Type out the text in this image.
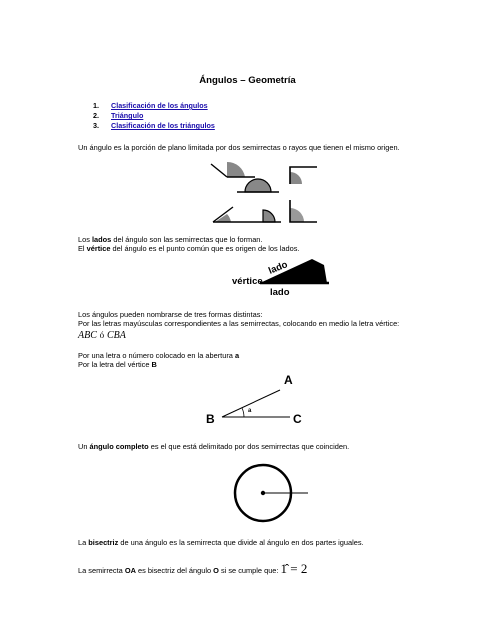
Ángulos – Geometría
1. Clasificación de los ángulos
2. Triángulo
3. Clasificación de los triángulos
Un ángulo es la porción de plano limitada por dos semirrectas o rayos que tienen el mismo origen.
Los lados del ángulo son las semirrectas que lo forman.
El vértice del ángulo es el punto común que es origen de los lados.
vértice
lado
lado
Los ángulos pueden nombrarse de tres formas distintas:
Por las letras mayúsculas correspondientes a las semirrectas, colocando en medio la letra vértice:
ABC ó CBA
Por una letra o número colocado en la abertura a
Por la letra del vértice B
a
A
B	C
Un ángulo completo es el que está delimitado por dos semirrectas que coinciden.
La bisectriz de una ángulo es la semirrecta que divide al ángulo en dos partes iguales.
La semirrecta OA es bisectriz del ángulo O si se cumple que: 1̂ = 2
